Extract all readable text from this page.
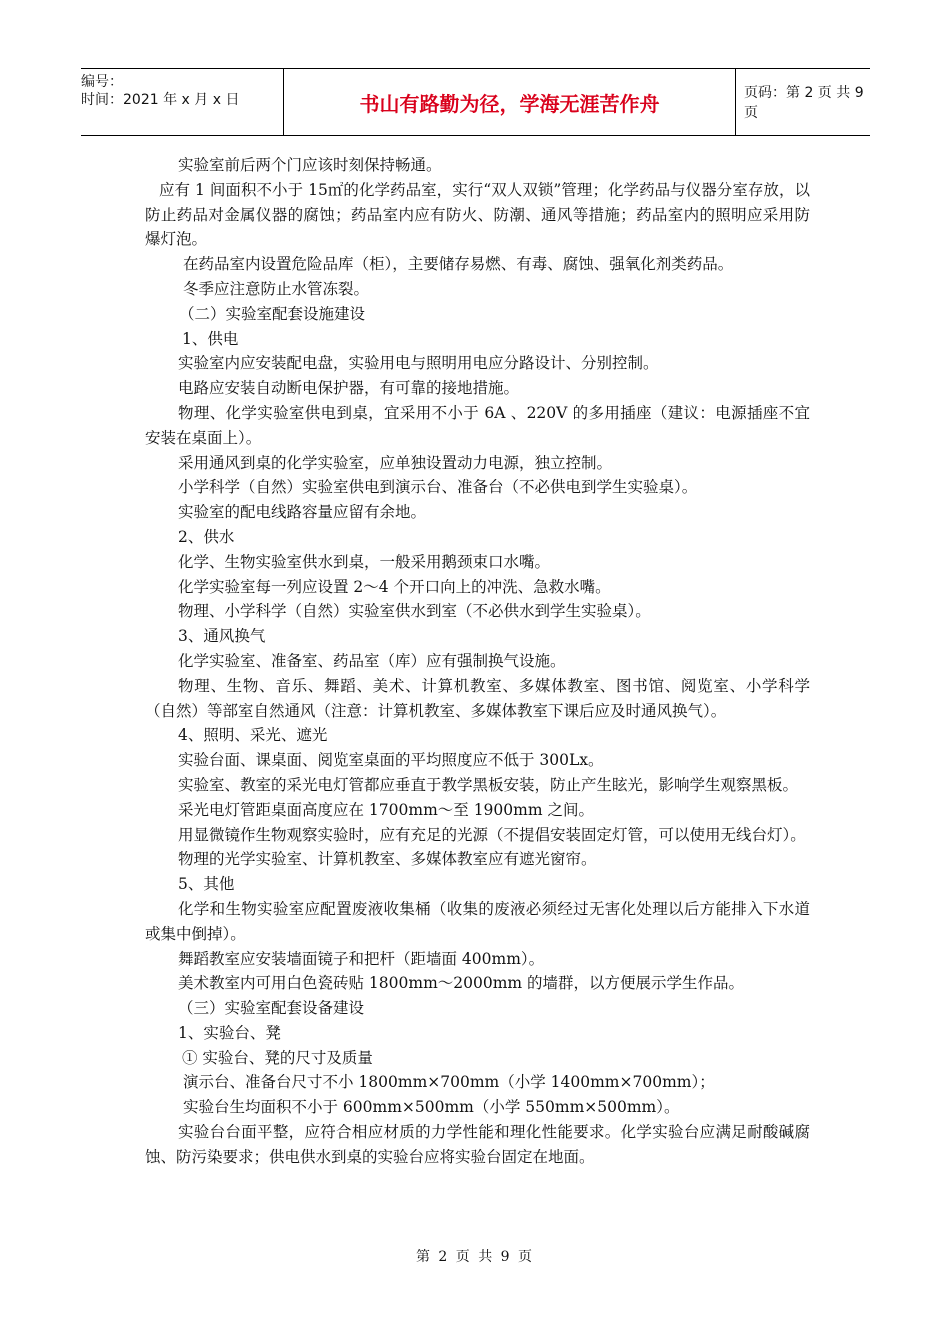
编号：
时间：2021 年 x 月 x 日	书山有路勤为径，学海无涯苦作舟	页码：第 2 页 共 9 页

实验室前后两个门应该时刻保持畅通。

应有 1 间面积不小于 15㎡的化学药品室，实行“双人双锁”管理；化学药品与仪器分室存放，以防止药品对金属仪器的腐蚀；药品室内应有防火、防潮、通风等措施；药品室内的照明应采用防爆灯泡。

在药品室内设置危险品库（柜），主要储存易燃、有毒、腐蚀、强氧化剂类药品。

冬季应注意防止水管冻裂。

（二）实验室配套设施建设

1、供电

实验室内应安装配电盘，实验用电与照明用电应分路设计、分别控制。

电路应安装自动断电保护器，有可靠的接地措施。

物理、化学实验室供电到桌，宜采用不小于 6A 、220V 的多用插座（建议：电源插座不宜安装在桌面上）。

采用通风到桌的化学实验室，应单独设置动力电源，独立控制。

小学科学（自然）实验室供电到演示台、准备台（不必供电到学生实验桌）。

实验室的配电线路容量应留有余地。

2、供水

化学、生物实验室供水到桌，一般采用鹅颈束口水嘴。

化学实验室每一列应设置 2～4 个开口向上的冲洗、急救水嘴。

物理、小学科学（自然）实验室供水到室（不必供水到学生实验桌）。

3、通风换气

化学实验室、准备室、药品室（库）应有强制换气设施。

物理、生物、音乐、舞蹈、美术、计算机教室、多媒体教室、图书馆、阅览室、小学科学（自然）等部室自然通风（注意：计算机教室、多媒体教室下课后应及时通风换气）。

4、照明、采光、遮光

实验台面、课桌面、阅览室桌面的平均照度应不低于 300Lx。

实验室、教室的采光电灯管都应垂直于教学黑板安装，防止产生眩光，影响学生观察黑板。

采光电灯管距桌面高度应在 1700mm～至 1900mm 之间。

用显微镜作生物观察实验时，应有充足的光源（不提倡安装固定灯管，可以使用无线台灯）。

物理的光学实验室、计算机教室、多媒体教室应有遮光窗帘。

5、其他

化学和生物实验室应配置废液收集桶（收集的废液必须经过无害化处理以后方能排入下水道或集中倒掉）。

舞蹈教室应安装墙面镜子和把杆（距墙面 400mm）。

美术教室内可用白色瓷砖贴 1800mm～2000mm 的墙群，以方便展示学生作品。

（三）实验室配套设备建设

1、实验台、凳

① 实验台、凳的尺寸及质量

演示台、准备台尺寸不小 1800mm×700mm（小学 1400mm×700mm）；

实验台生均面积不小于 600mm×500mm（小学 550mm×500mm）。

实验台台面平整，应符合相应材质的力学性能和理化性能要求。化学实验台应满足耐酸碱腐蚀、防污染要求；供电供水到桌的实验台应将实验台固定在地面。

第 2 页 共 9 页
